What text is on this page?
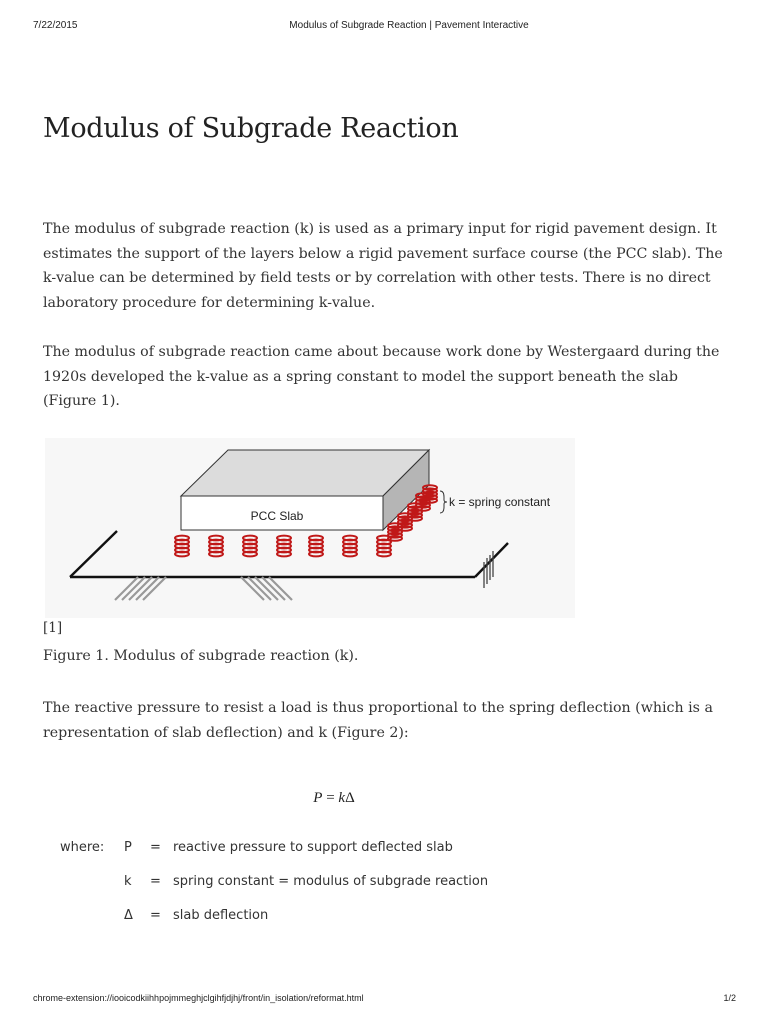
7/22/2015	Modulus of Subgrade Reaction | Pavement Interactive
Modulus of Subgrade Reaction

The modulus of subgrade reaction (k) is used as a primary input for rigid pavement design. It estimates the support of the layers below a rigid pavement surface course (the PCC slab). The k-value can be determined by field tests or by correlation with other tests. There is no direct laboratory procedure for determining k-value.

The modulus of subgrade reaction came about because work done by Westergaard during the 1920s developed the k-value as a spring constant to model the support beneath the slab (Figure 1).

PCC Slab
k = spring constant
[1]
Figure 1. Modulus of subgrade reaction (k).

The reactive pressure to resist a load is thus proportional to the spring deflection (which is a representation of slab deflection) and k (Figure 2):

P = kΔ
where: P = reactive pressure to support deflected slab
k = spring constant = modulus of subgrade reaction
Δ = slab deflection
chrome-extension://iooicodkiihhpojmmeghjclgihfjdjhj/front/in_isolation/reformat.html	1/2
